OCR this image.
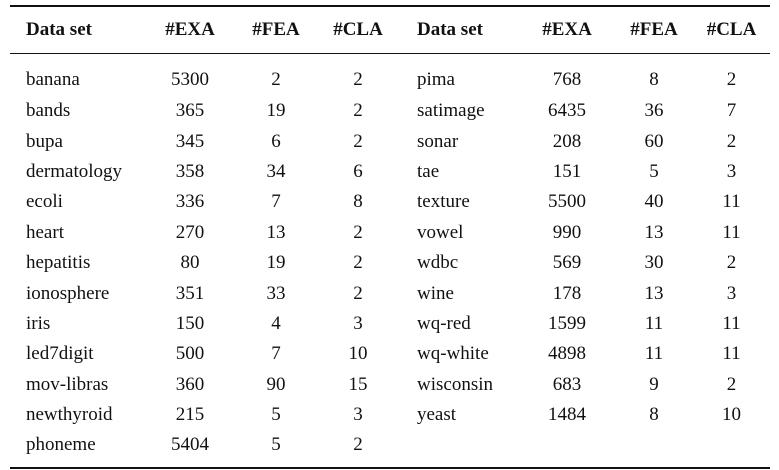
Data set	#EXA	#FEA	#CLA	Data set	#EXA	#FEA	#CLA
banana	5300	2	2	pima	768	8	2
bands	365	19	2	satimage	6435	36	7
bupa	345	6	2	sonar	208	60	2
dermatology	358	34	6	tae	151	5	3
ecoli	336	7	8	texture	5500	40	11
heart	270	13	2	vowel	990	13	11
hepatitis	80	19	2	wdbc	569	30	2
ionosphere	351	33	2	wine	178	13	3
iris	150	4	3	wq-red	1599	11	11
led7digit	500	7	10	wq-white	4898	11	11
mov-libras	360	90	15	wisconsin	683	9	2
newthyroid	215	5	3	yeast	1484	8	10
phoneme	5404	5	2				
